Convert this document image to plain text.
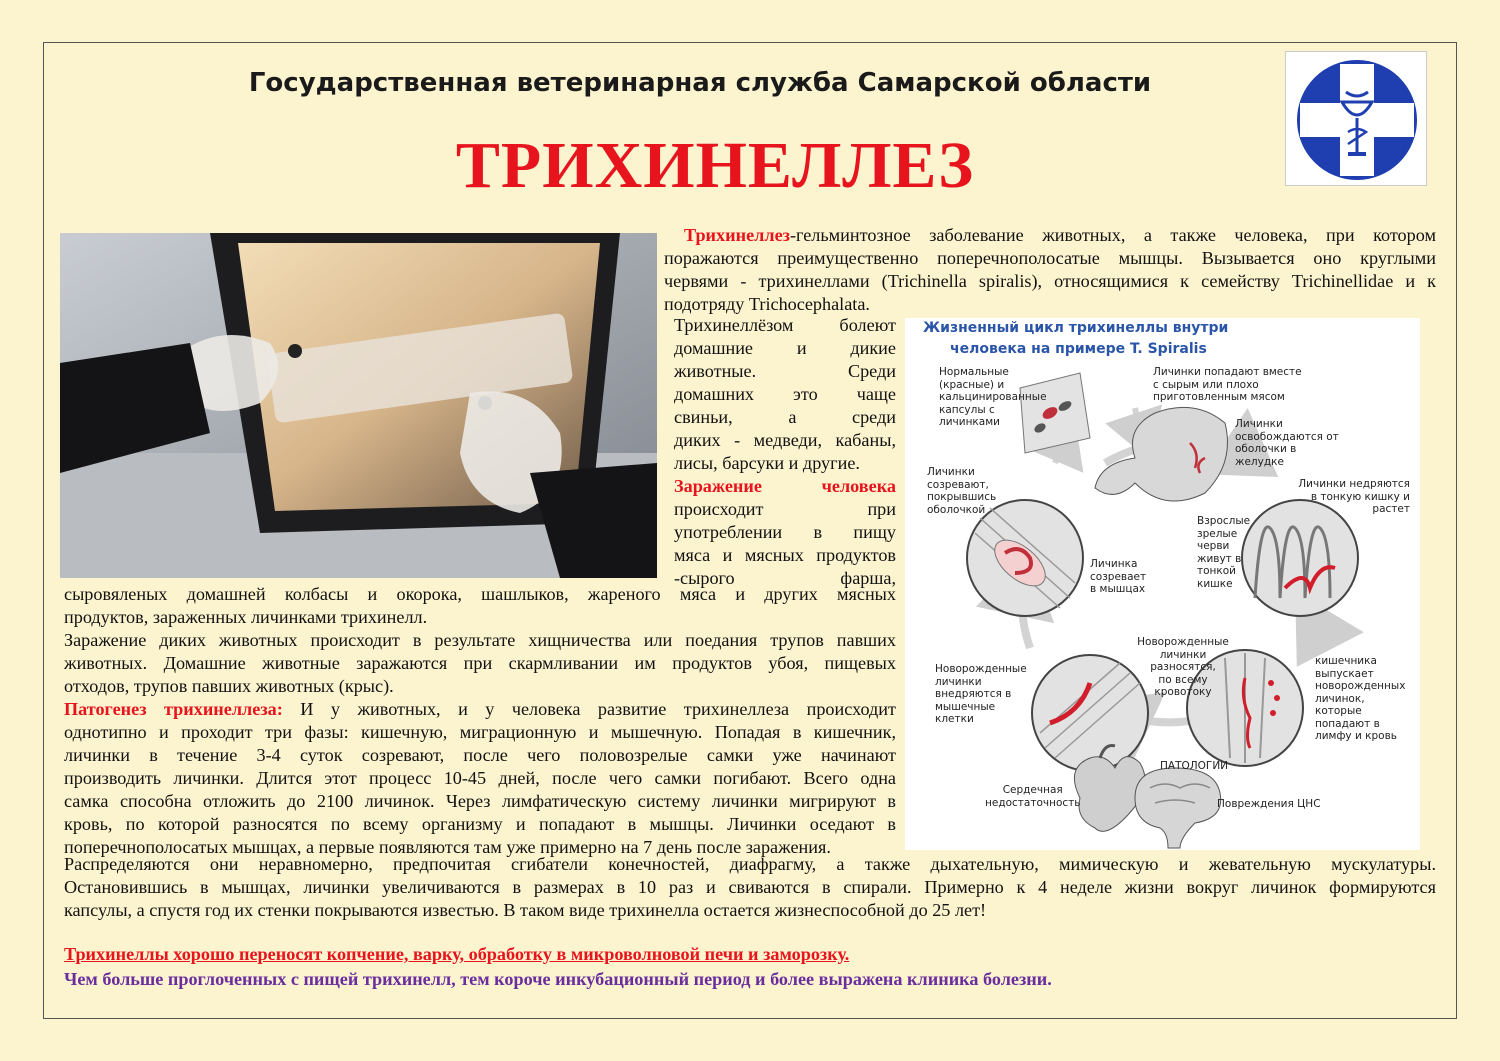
Государственная ветеринарная служба Самарской области
ТРИХИНЕЛЛЕЗ

Трихинеллез-гельминтозное заболевание животных, а также человека, при котором

поражаются преимущественно поперечнополосатые мышцы. Вызывается оно круглыми

червями - трихинеллами (Trichinella spiralis), относящимися к семейству Trichinellidae и к

подотряду Trichocephalata.

Трихинеллёзом болеют

домашние и дикие

животные. Среди

домашних это чаще

свиньи, а среди

диких - медведи, кабаны,

лисы, барсуки и другие.

Заражение человека

происходит при

употреблении в пищу

мяса и мясных продуктов

-сырого фарша,

сыровяленых домашней колбасы и окорока, шашлыков, жареного мяса и других мясных

продуктов, зараженных личинками трихинелл.

Заражение диких животных происходит в результате хищничества или поедания трупов павших

животных. Домашние животные заражаются при скармливании им продуктов убоя, пищевых

отходов, трупов павших животных (крыс).

Патогенез трихинеллеза: И у животных, и у человека развитие трихинеллеза происходит

однотипно и проходит три фазы: кишечную, миграционную и мышечную. Попадая в кишечник,

личинки в течение 3-4 суток созревают, после чего половозрелые самки уже начинают

производить личинки. Длится этот процесс 10-45 дней, после чего самки погибают. Всего одна

самка способна отложить до 2100 личинок. Через лимфатическую систему личинки мигрируют в

кровь, по которой разносятся по всему организму и попадают в мышцы. Личинки оседают в

поперечнополосатых мышцах, а первые появляются там уже примерно на 7 день после заражения.

Распределяются они неравномерно, предпочитая сгибатели конечностей, диафрагму, а также дыхательную, мимическую и жевательную мускулатуры.

Остановившись в мышцах, личинки увеличиваются в размерах в 10 раз и свиваются в спирали. Примерно к 4 неделе жизни вокруг личинок формируются

капсулы, а спустя год их стенки покрываются известью. В таком виде трихинелла остается жизнеспособной до 25 лет!

Трихинеллы хорошо переносят копчение, варку, обработку в микроволновой печи и заморозку.
Чем больше проглоченных с пищей трихинелл, тем короче инкубационный период и более выражена клиника болезни.
Жизненный цикл трихинеллы внутри
человека на примере T. Spiralis
Нормальные
(красные) и
кальцинированные
капсулы с
личинками
Личинки попадают вместе
с сырым или плохо
приготовленным мясом
Личинки
освобождаются от
оболочки в
желудке
Личинки недряются
в тонкую кишку и
растет
Личинки
созревают,
покрывшись
оболочкой
Взрослые
зрелые
черви
живут в
тонкой
кишке
Личинка
созревает
в мышцах
Новорожденные
личинки
разносятся,
по всему
кровотоку
Новорожденные
личинки
внедряются в
мышечные
клетки
кишечника
выпускает
новорожденных
личинок,
которые
попадают в
лимфу и кровь
ПАТОЛОГИИ
Сердечная
недостаточность	Повреждения ЦНС
